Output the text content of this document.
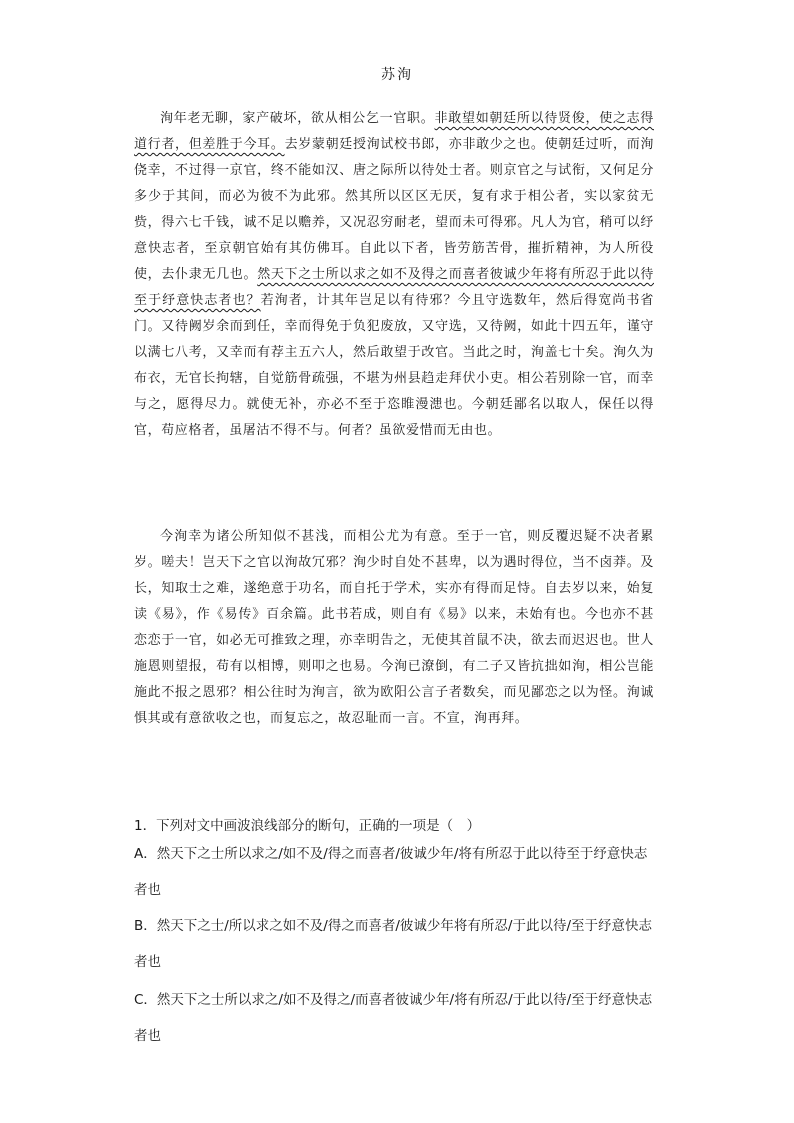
苏洵

洵年老无聊，家产破坏，欲从相公乞一官职。非敢望如朝廷所以待贤俊，使之志得道行者，但差胜于今耳。去岁蒙朝廷授洵试校书郎，亦非敢少之也。使朝廷过听，而洵侥幸，不过得一京官，终不能如汉、唐之际所以待处士者。则京官之与试衔，又何足分多少于其间，而必为彼不为此邪。然其所以区区无厌，复有求于相公者，实以家贫无赀，得六七千钱，诚不足以赡养，又况忍穷耐老，望而未可得邪。凡人为官，稍可以纾意快志者，至京朝官始有其仿佛耳。自此以下者，皆劳筋苦骨，摧折精神，为人所役使，去仆隶无几也。然天下之士所以求之如不及得之而喜者彼诚少年将有所忍于此以待至于纾意快志者也？若洵者，计其年岂足以有待邪？今且守选数年，然后得宽尚书省门。又待阙岁余而到任，幸而得免于负犯废放，又守选，又待阙，如此十四五年，谨守以满七八考，又幸而有荐主五六人，然后敢望于改官。当此之时，洵盖七十矣。洵久为布衣，无官长拘辖，自觉筋骨疏强，不堪为州县趋走拜伏小吏。相公若别除一官，而幸与之，愿得尽力。就使无补，亦必不至于恣睢漫漶也。今朝廷鄙名以取人，保任以得官，苟应格者，虽屠沽不得不与。何者？虽欲爱惜而无由也。

今洵幸为诸公所知似不甚浅，而相公尤为有意。至于一官，则反覆迟疑不决者累岁。嗟夫！岂天下之官以洵故冗邪？洵少时自处不甚卑，以为遇时得位，当不卤莽。及长，知取士之难，遂绝意于功名，而自托于学术，实亦有得而足恃。自去岁以来，始复读《易》，作《易传》百余篇。此书若成，则自有《易》以来，未始有也。今也亦不甚恋恋于一官，如必无可推致之理，亦幸明告之，无使其首鼠不决，欲去而迟迟也。世人施恩则望报，苟有以相博，则叩之也易。今洵已潦倒，有二子又皆抗拙如洵，相公岂能施此不报之恩邪？相公往时为洵言，欲为欧阳公言子者数矣，而见鄙恋之以为怪。洵诚惧其或有意欲收之也，而复忘之，故忍耻而一言。不宣，洵再拜。

1．下列对文中画波浪线部分的断句，正确的一项是（　）

A．然天下之士所以求之/如不及/得之而喜者/彼诚少年/将有所忍于此以待至于纾意快志者也

B．然天下之士/所以求之如不及/得之而喜者/彼诚少年将有所忍/于此以待/至于纾意快志者也

C．然天下之士所以求之/如不及得之/而喜者彼诚少年/将有所忍/于此以待/至于纾意快志者也
